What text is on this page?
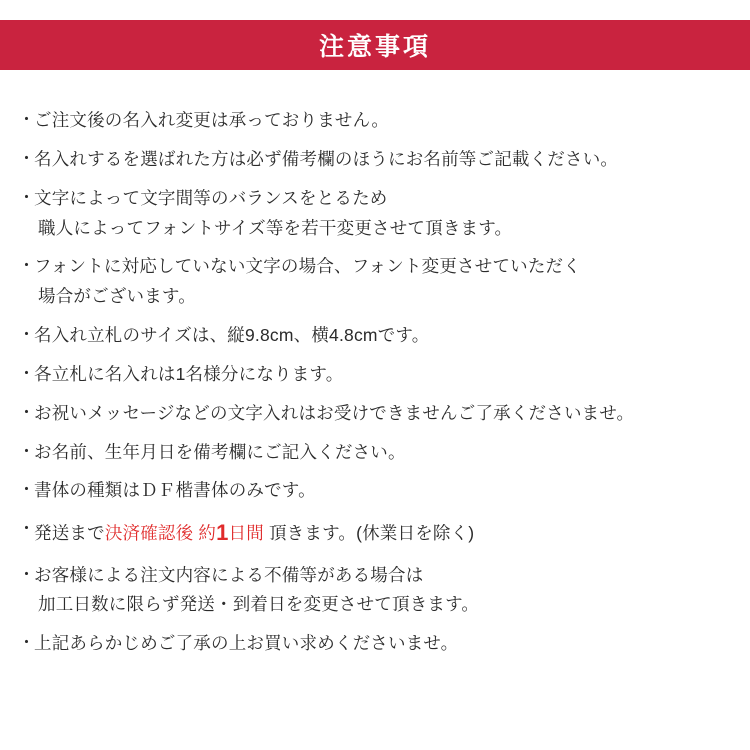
注意事項
・ ご注文後の名入れ変更は承っておりません。
・ 名入れするを選ばれた方は必ず備考欄のほうにお名前等ご記載ください。
・ 文字によって文字間等のバランスをとるため
職人によってフォントサイズ等を若干変更させて頂きます。
・ フォントに対応していない文字の場合、フォント変更させていただく
場合がございます。
・ 名入れ立札のサイズは、縦9.8cm、横4.8cmです。
・ 各立札に名入れは1名様分になります。
・ お祝いメッセージなどの文字入れはお受けできませんご了承くださいませ。
・ お名前、生年月日を備考欄にご記入ください。
・ 書体の種類はＤＦ楷書体のみです。
・ 発送まで決済確認後 約1日間 頂きます。(休業日を除く)
・ お客様による注文内容による不備等がある場合は
加工日数に限らず発送・到着日を変更させて頂きます。
・ 上記あらかじめご了承の上お買い求めくださいませ。
